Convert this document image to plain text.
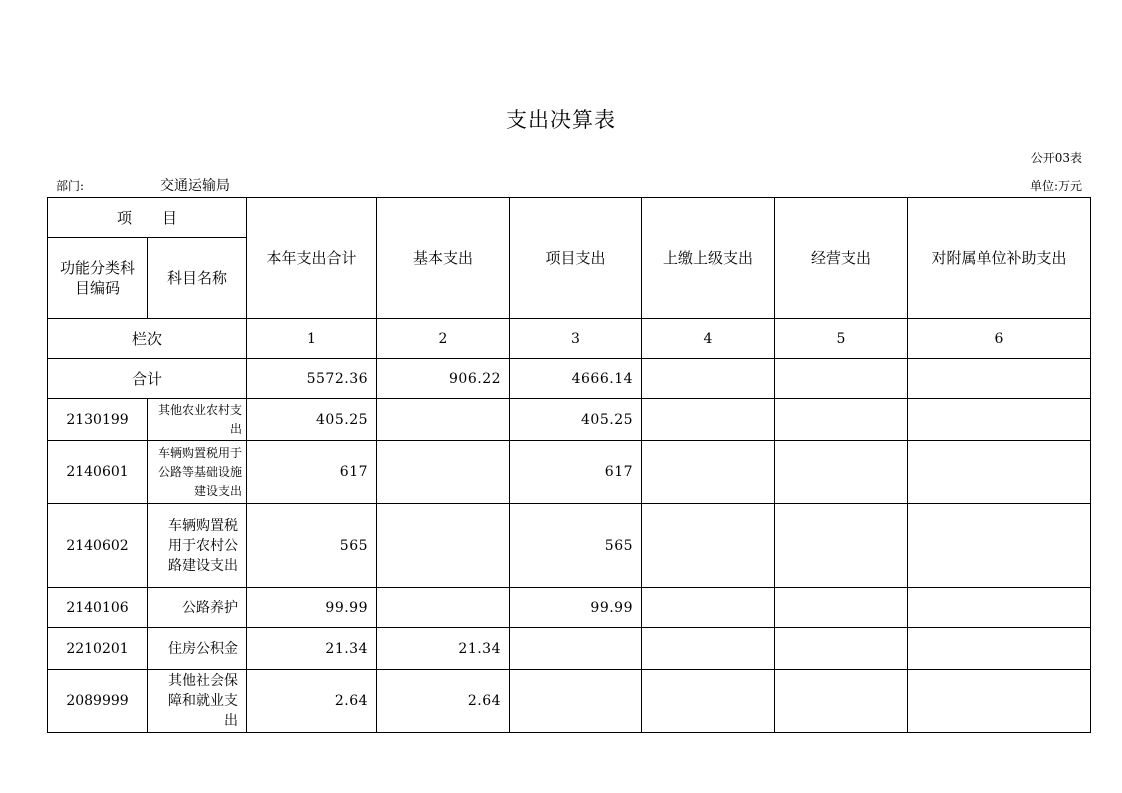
支出决算表
公开03表
部门:	交通运输局	单位:万元
项　　目		本年支出合计	基本支出	项目支出	上缴上级支出	经营支出	对附属单位补助支出
功能分类科目编码	科目名称						
栏次		1	2	3	4	5	6
合计		5572.36	906.22	4666.14			
2130199	其他农业农村支出	405.25		405.25			
2140601	车辆购置税用于公路等基础设施建设支出	617		617			
2140602	车辆购置税用于农村公路建设支出	565		565			
2140106	公路养护	99.99		99.99			
2210201	住房公积金	21.34	21.34				
2089999	其他社会保障和就业支出	2.64	2.64				
